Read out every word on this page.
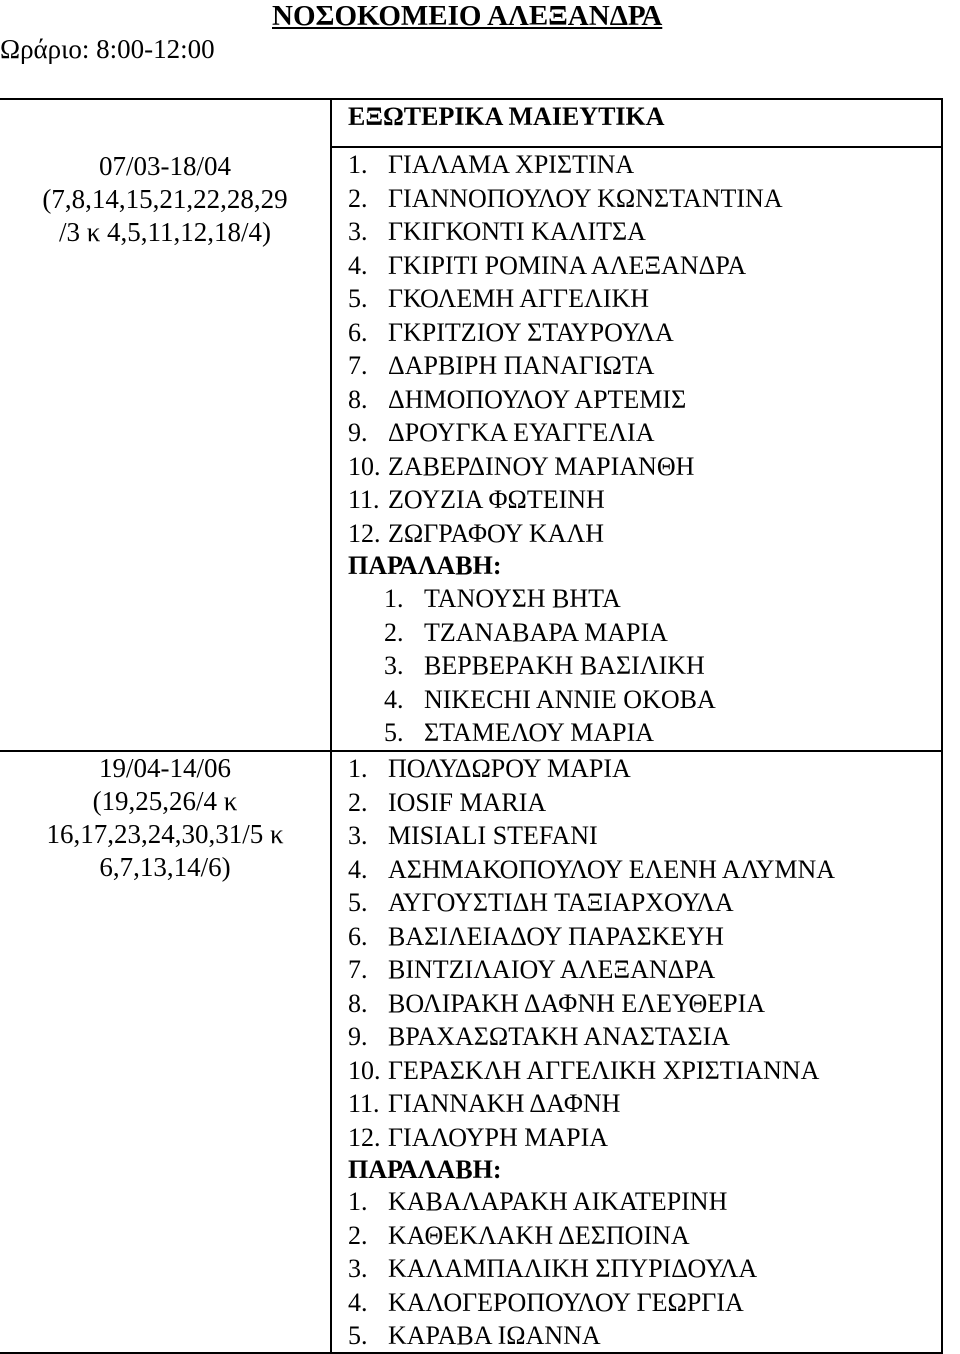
Ωράριο: 8:00-12:00
ΝΟΣΟΚΟΜΕΙΟ ΑΛΕΞΑΝΔΡΑ
ΕΞΩΤΕΡΙΚΑ ΜΑΙΕΥΤΙΚΑ
07/03-18/04
(7,8,14,15,21,22,28,29
/3 κ 4,5,11,12,18/4)
1. ΓΙΑΛΑΜΑ ΧΡΙΣΤΙΝΑ
2. ΓΙΑΝΝΟΠΟΥΛΟΥ ΚΩΝΣΤΑΝΤΙΝΑ
3. ΓΚΙΓΚΟΝΤΙ ΚΑΛΙΤΣΑ
4. ΓΚΙΡΙΤΙ ΡΟΜΙΝΑ ΑΛΕΞΑΝΔΡΑ
5. ΓΚΟΛΕΜΗ ΑΓΓΕΛΙΚΗ
6. ΓΚΡΙΤΖΙΟΥ ΣΤΑΥΡΟΥΛΑ
7. ΔΑΡΒΙΡΗ ΠΑΝΑΓΙΩΤΑ
8. ΔΗΜΟΠΟΥΛΟΥ ΑΡΤΕΜΙΣ
9. ΔΡΟΥΓΚΑ ΕΥΑΓΓΕΛΙΑ
10. ΖΑΒΕΡΔΙΝΟΥ ΜΑΡΙΑΝΘΗ
11. ΖΟΥΖΙΑ ΦΩΤΕΙΝΗ
12. ΖΩΓΡΑΦΟΥ ΚΑΛΗ
ΠΑΡΑΛΑΒΗ:
1. ΤΑΝΟΥΣΗ ΒΗΤΑ
2. ΤΖΑΝΑΒΑΡΑ ΜΑΡΙΑ
3. ΒΕΡΒΕΡΑΚΗ ΒΑΣΙΛΙΚΗ
4. NIKECHI ANNIE OKOBA
5. ΣΤΑΜΕΛΟΥ ΜΑΡΙΑ
19/04-14/06
(19,25,26/4 κ
16,17,23,24,30,31/5 κ
6,7,13,14/6)
1. ΠΟΛΥΔΩΡΟΥ ΜΑΡΙΑ
2. IOSIF MARIA
3. MISIALI STEFANI
4. ΑΣΗΜΑΚΟΠΟΥΛΟΥ ΕΛΕΝΗ ΑΛΥΜΝΑ
5. ΑΥΓΟΥΣΤΙΔΗ ΤΑΞΙΑΡΧΟΥΛΑ
6. ΒΑΣΙΛΕΙΑΔΟΥ ΠΑΡΑΣΚΕΥΗ
7. ΒΙΝΤΖΙΛΑΙΟΥ ΑΛΕΞΑΝΔΡΑ
8. ΒΟΛΙΡΑΚΗ ΔΑΦΝΗ ΕΛΕΥΘΕΡΙΑ
9. ΒΡΑΧΑΣΩΤΑΚΗ ΑΝΑΣΤΑΣΙΑ
10. ΓΕΡΑΣΚΛΗ ΑΓΓΕΛΙΚΗ ΧΡΙΣΤΙΑΝΝΑ
11. ΓΙΑΝΝΑΚΗ ΔΑΦΝΗ
12. ΓΙΑΛΟΥΡΗ ΜΑΡΙΑ
ΠΑΡΑΛΑΒΗ:
1. ΚΑΒΑΛΑΡΑΚΗ ΑΙΚΑΤΕΡΙΝΗ
2. ΚΑΘΕΚΛΑΚΗ ΔΕΣΠΟΙΝΑ
3. ΚΑΛΑΜΠΑΛΙΚΗ ΣΠΥΡΙΔΟΥΛΑ
4. ΚΑΛΟΓΕΡΟΠΟΥΛΟΥ ΓΕΩΡΓΙΑ
5. ΚΑΡΑΒΑ ΙΩΑΝΝΑ
